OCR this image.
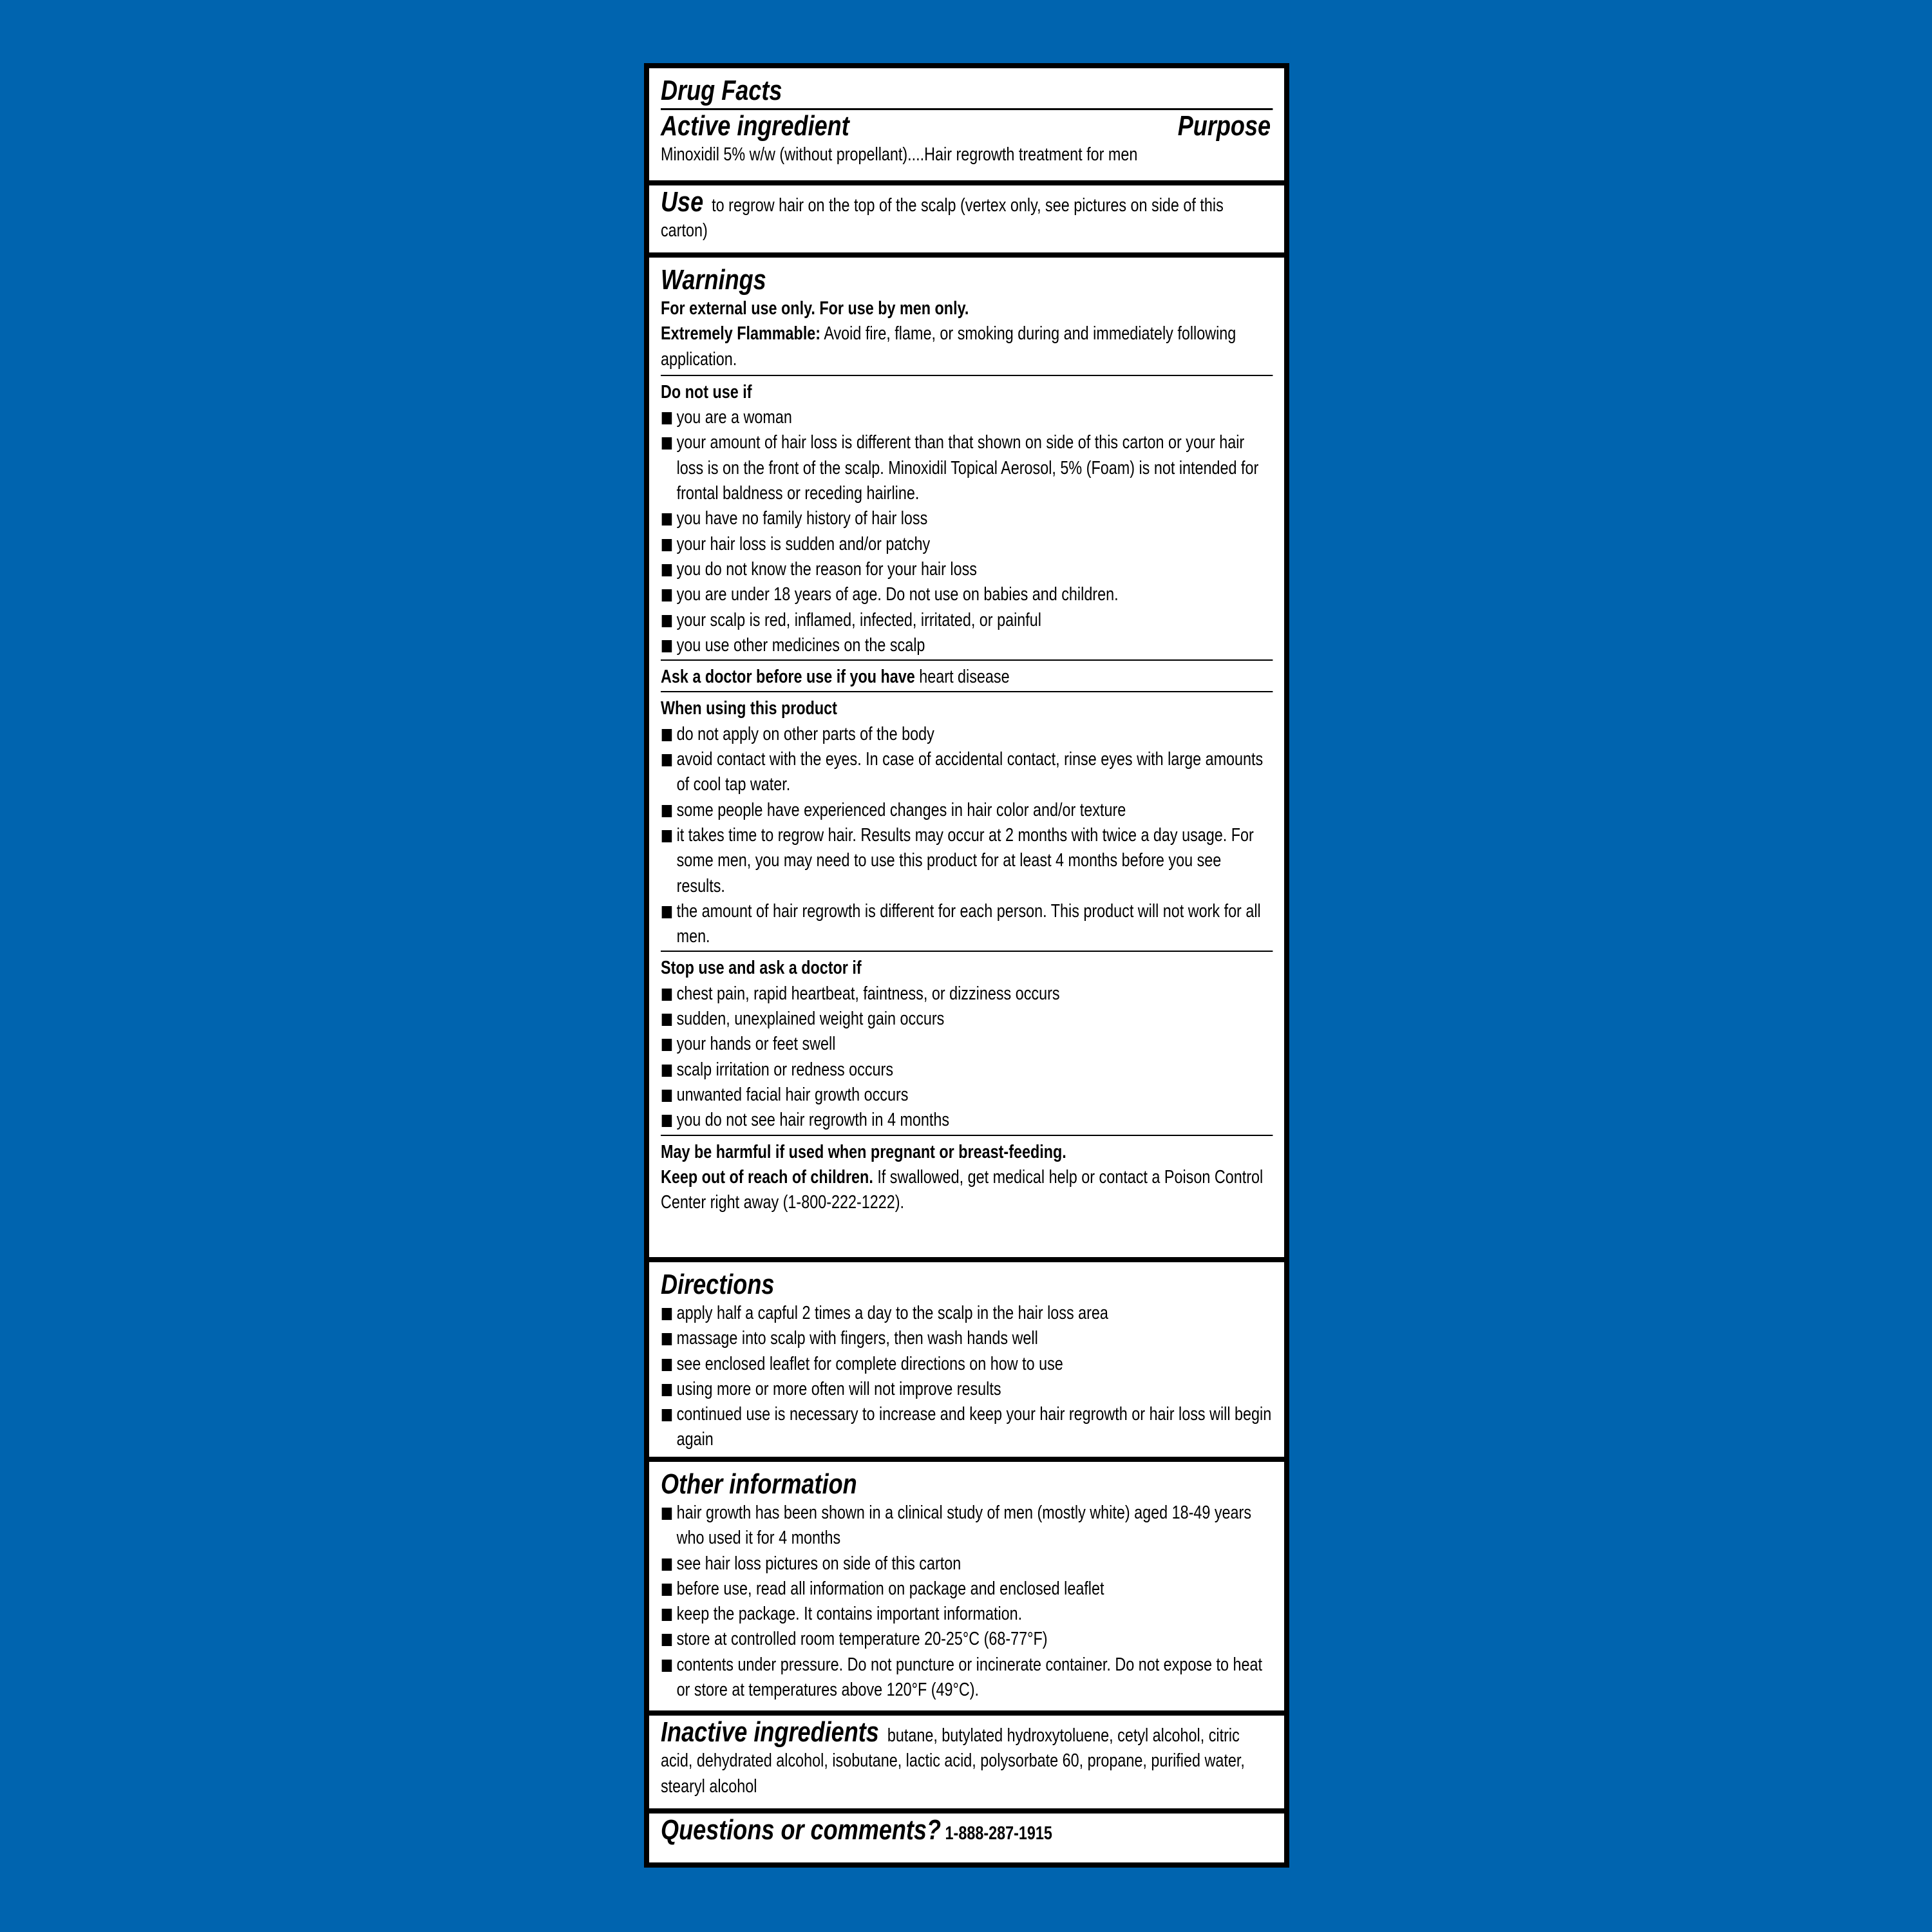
Drug Facts
Active ingredient	Purpose
Minoxidil 5% w/w (without propellant)....Hair regrowth treatment for men
Use to regrow hair on the top of the scalp (vertex only, see pictures on side of this carton)
Warnings
For external use only. For use by men only.
Extremely Flammable: Avoid fire, flame, or smoking during and immediately following application.
Do not use if
you are a woman
your amount of hair loss is different than that shown on side of this carton or your hair loss is on the front of the scalp. Minoxidil Topical Aerosol, 5% (Foam) is not intended for frontal baldness or receding hairline.
you have no family history of hair loss
your hair loss is sudden and/or patchy
you do not know the reason for your hair loss
you are under 18 years of age. Do not use on babies and children.
your scalp is red, inflamed, infected, irritated, or painful
you use other medicines on the scalp
Ask a doctor before use if you have heart disease
When using this product
do not apply on other parts of the body
avoid contact with the eyes. In case of accidental contact, rinse eyes with large amounts of cool tap water.
some people have experienced changes in hair color and/or texture
it takes time to regrow hair. Results may occur at 2 months with twice a day usage. For some men, you may need to use this product for at least 4 months before you see results.
the amount of hair regrowth is different for each person. This product will not work for all men.
Stop use and ask a doctor if
chest pain, rapid heartbeat, faintness, or dizziness occurs
sudden, unexplained weight gain occurs
your hands or feet swell
scalp irritation or redness occurs
unwanted facial hair growth occurs
you do not see hair regrowth in 4 months
May be harmful if used when pregnant or breast-feeding.
Keep out of reach of children. If swallowed, get medical help or contact a Poison Control Center right away (1-800-222-1222).
Directions
apply half a capful 2 times a day to the scalp in the hair loss area
massage into scalp with fingers, then wash hands well
see enclosed leaflet for complete directions on how to use
using more or more often will not improve results
continued use is necessary to increase and keep your hair regrowth or hair loss will begin again
Other information
hair growth has been shown in a clinical study of men (mostly white) aged 18-49 years who used it for 4 months
see hair loss pictures on side of this carton
before use, read all information on package and enclosed leaflet
keep the package. It contains important information.
store at controlled room temperature 20-25°C (68-77°F)
contents under pressure. Do not puncture or incinerate container. Do not expose to heat or store at temperatures above 120°F (49°C).
Inactive ingredients butane, butylated hydroxytoluene, cetyl alcohol, citric acid, dehydrated alcohol, isobutane, lactic acid, polysorbate 60, propane, purified water, stearyl alcohol
Questions or comments? 1-888-287-1915
